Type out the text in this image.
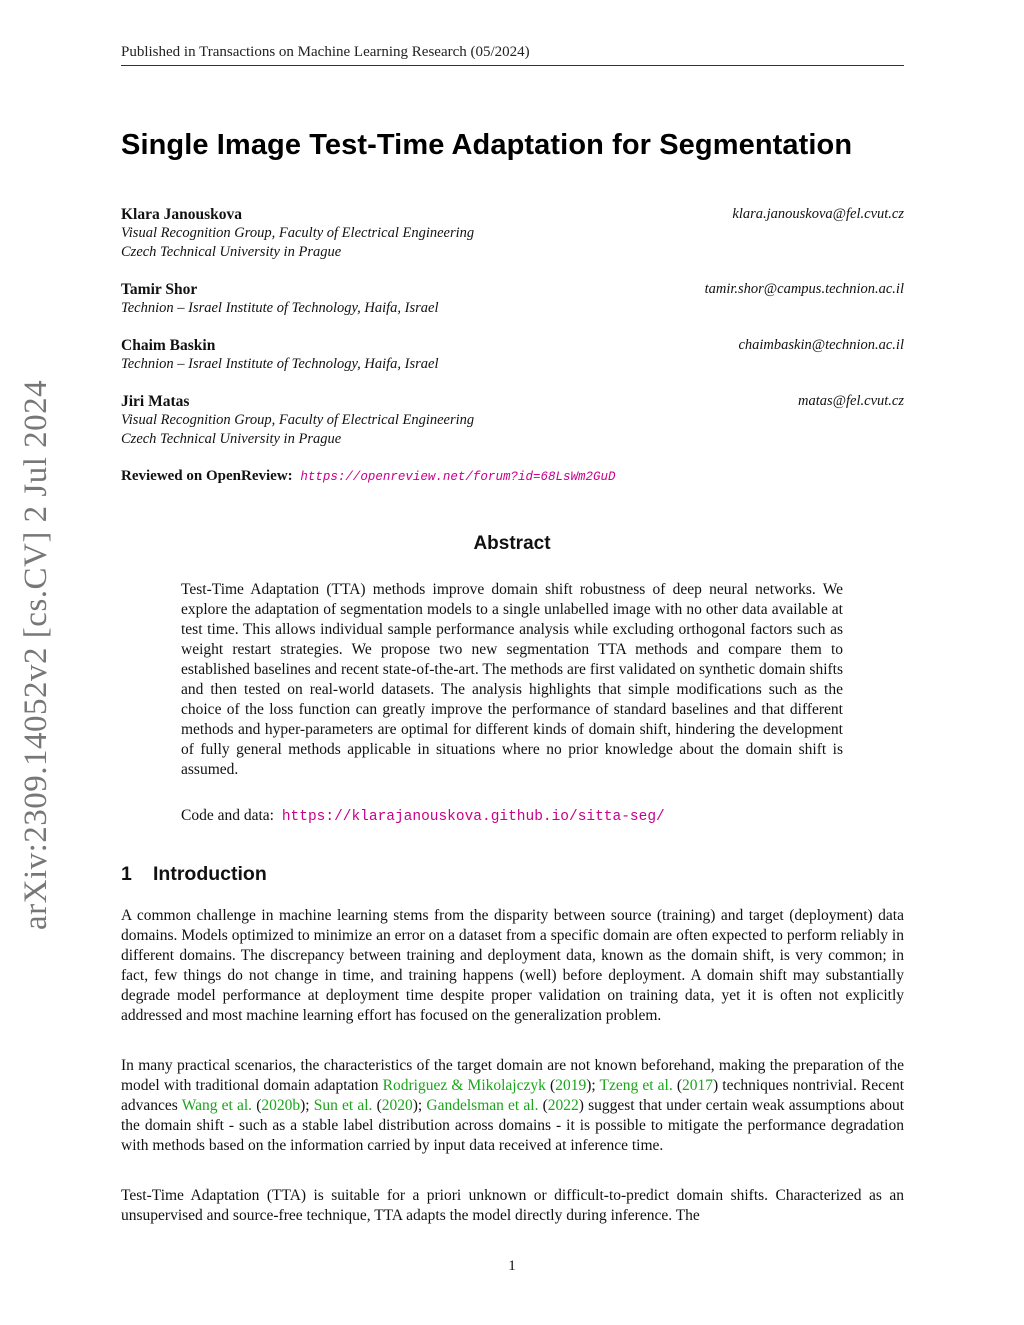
Published in Transactions on Machine Learning Research (05/2024)
arXiv:2309.14052v2 [cs.CV] 2 Jul 2024
Single Image Test-Time Adaptation for Segmentation
Klara Janouskova	klara.janouskova@fel.cvut.cz
Visual Recognition Group, Faculty of Electrical Engineering
Czech Technical University in Prague
Tamir Shor	tamir.shor@campus.technion.ac.il
Technion – Israel Institute of Technology, Haifa, Israel
Chaim Baskin	chaimbaskin@technion.ac.il
Technion – Israel Institute of Technology, Haifa, Israel
Jiri Matas	matas@fel.cvut.cz
Visual Recognition Group, Faculty of Electrical Engineering
Czech Technical University in Prague
Reviewed on OpenReview: https://openreview.net/forum?id=68LsWm2GuD
Abstract
Test-Time Adaptation (TTA) methods improve domain shift robustness of deep neural networks. We explore the adaptation of segmentation models to a single unlabelled image with no other data available at test time. This allows individual sample performance analysis while excluding orthogonal factors such as weight restart strategies. We propose two new segmentation TTA methods and compare them to established baselines and recent state-of-the-art. The methods are first validated on synthetic domain shifts and then tested on real-world datasets. The analysis highlights that simple modifications such as the choice of the loss function can greatly improve the performance of standard baselines and that different methods and hyper-parameters are optimal for different kinds of domain shift, hindering the development of fully general methods applicable in situations where no prior knowledge about the domain shift is assumed.
Code and data: https://klarajanouskova.github.io/sitta-seg/
1 Introduction
A common challenge in machine learning stems from the disparity between source (training) and target (deployment) data domains. Models optimized to minimize an error on a dataset from a specific domain are often expected to perform reliably in different domains. The discrepancy between training and deployment data, known as the domain shift, is very common; in fact, few things do not change in time, and training happens (well) before deployment. A domain shift may substantially degrade model performance at deployment time despite proper validation on training data, yet it is often not explicitly addressed and most machine learning effort has focused on the generalization problem.
In many practical scenarios, the characteristics of the target domain are not known beforehand, making the preparation of the model with traditional domain adaptation Rodriguez & Mikolajczyk (2019); Tzeng et al. (2017) techniques nontrivial. Recent advances Wang et al. (2020b); Sun et al. (2020); Gandelsman et al. (2022) suggest that under certain weak assumptions about the domain shift - such as a stable label distribution across domains - it is possible to mitigate the performance degradation with methods based on the information carried by input data received at inference time.
Test-Time Adaptation (TTA) is suitable for a priori unknown or difficult-to-predict domain shifts. Characterized as an unsupervised and source-free technique, TTA adapts the model directly during inference. The
1
